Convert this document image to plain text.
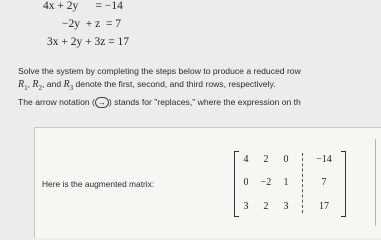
4x + 2y      = −14
−2y  + z  = 7
3x + 2y + 3z = 17
Solve the system by completing the steps below to produce a reduced row
$R_1$, $R_2$, and $R_3$ denote the first, second, and third rows, respectively.
The arrow notation ( → ) stands for "replaces," where the expression on th
Here is the augmented matrix:
4	2	0	−14
0	−2	1	7
3	2	3	17
